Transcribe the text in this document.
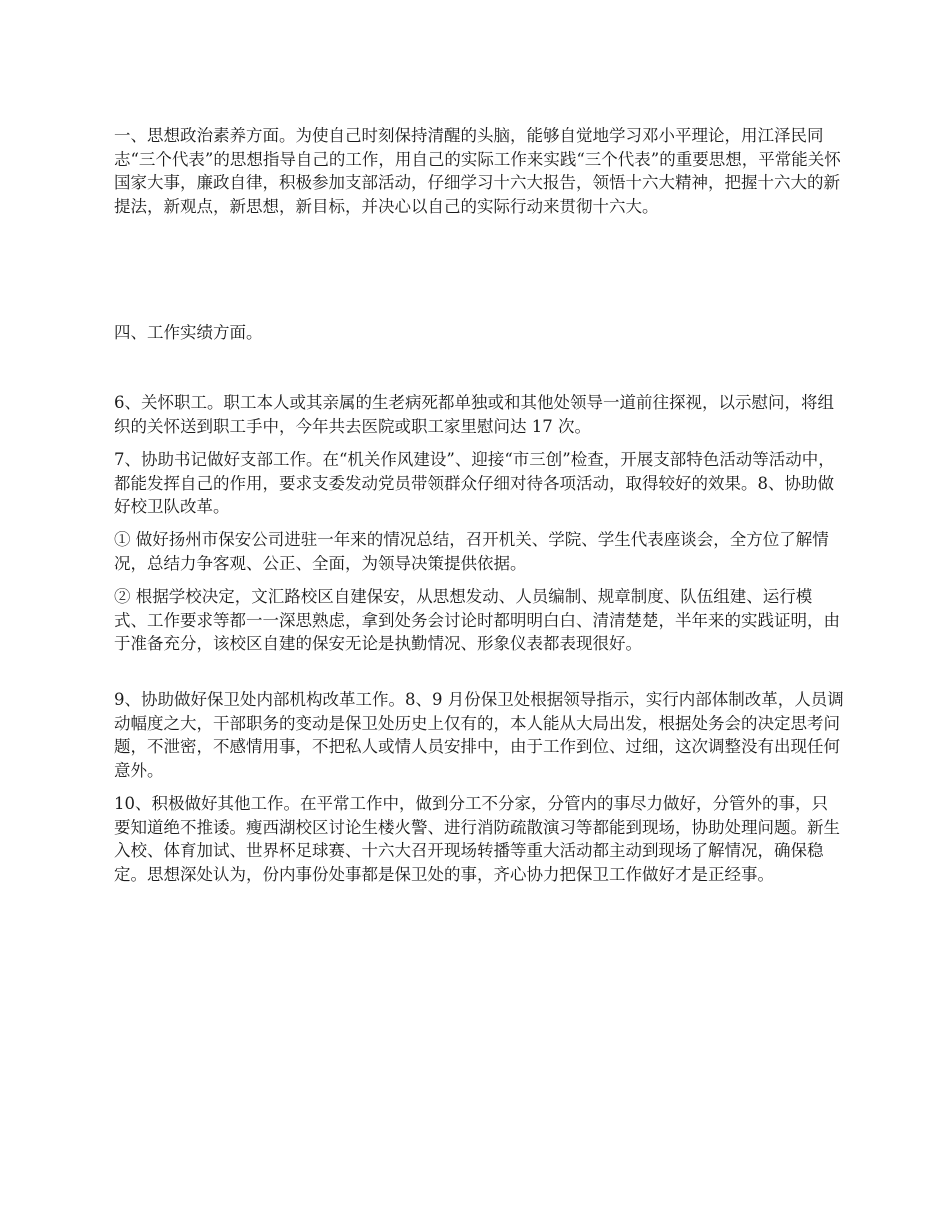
一、思想政治素养方面。为使自己时刻保持清醒的头脑，能够自觉地学习邓小平理论，用江泽民同志“三个代表”的思想指导自己的工作，用自己的实际工作来实践“三个代表”的重要思想，平常能关怀国家大事，廉政自律，积极参加支部活动，仔细学习十六大报告，领悟十六大精神，把握十六大的新提法，新观点，新思想，新目标，并决心以自己的实际行动来贯彻十六大。

四、工作实绩方面。

6、关怀职工。职工本人或其亲属的生老病死都单独或和其他处领导一道前往探视，以示慰问，将组织的关怀送到职工手中，今年共去医院或职工家里慰问达 17 次。

7、协助书记做好支部工作。在“机关作风建设”、迎接“市三创”检查，开展支部特色活动等活动中，都能发挥自己的作用，要求支委发动党员带领群众仔细对待各项活动，取得较好的效果。8、协助做好校卫队改革。

① 做好扬州市保安公司进驻一年来的情况总结，召开机关、学院、学生代表座谈会，全方位了解情况，总结力争客观、公正、全面，为领导决策提供依据。

② 根据学校决定，文汇路校区自建保安，从思想发动、人员编制、规章制度、队伍组建、运行模式、工作要求等都一一深思熟虑，拿到处务会讨论时都明明白白、清清楚楚，半年来的实践证明，由于准备充分，该校区自建的保安无论是执勤情况、形象仪表都表现很好。

9、协助做好保卫处内部机构改革工作。8、9 月份保卫处根据领导指示，实行内部体制改革，人员调动幅度之大，干部职务的变动是保卫处历史上仅有的，本人能从大局出发，根据处务会的决定思考问题，不泄密，不感情用事，不把私人或情人员安排中，由于工作到位、过细，这次调整没有出现任何意外。

10、积极做好其他工作。在平常工作中，做到分工不分家，分管内的事尽力做好，分管外的事，只要知道绝不推诿。瘦西湖校区讨论生楼火警、进行消防疏散演习等都能到现场，协助处理问题。新生入校、体育加试、世界杯足球赛、十六大召开现场转播等重大活动都主动到现场了解情况，确保稳定。思想深处认为，份内事份处事都是保卫处的事，齐心协力把保卫工作做好才是正经事。
